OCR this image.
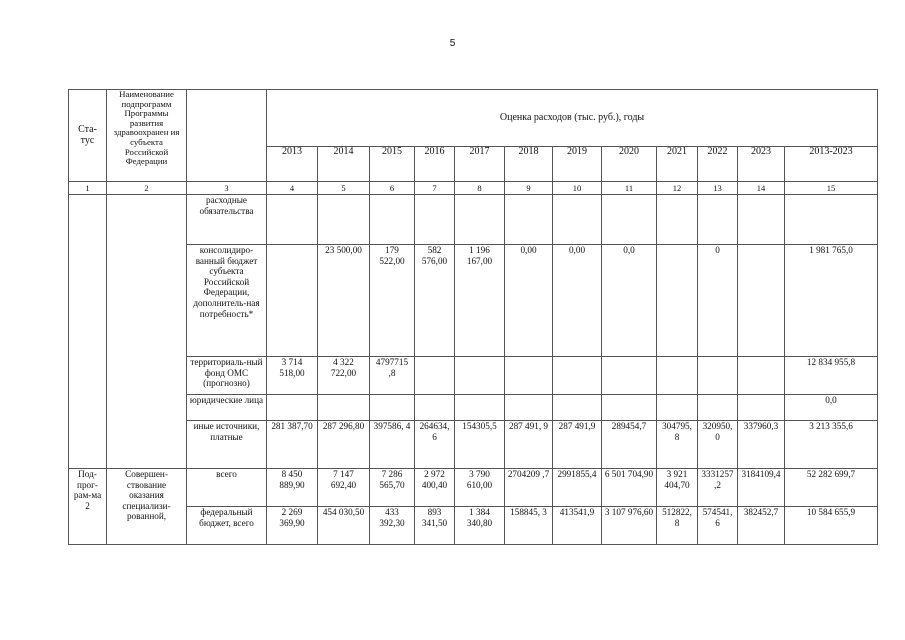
5
Ста-
тус	Наименование подпрограмм Программы развития здравоохранен ия субъекта Российской Федерации		Оценка расходов (тыс. руб.), годы											
			2013	2014	2015	2016	2017	2018	2019	2020	2021	2022	2023	2013-2023
1	2	3	4	5	6	7	8	9	10	11	12	13	14	15
		расходные обязательства												
		консолидиро-ванный бюджет субъекта Российской Федерации, дополнитель-ная потребность*		23 500,00	179 522,00	582 576,00	1 196 167,00	0,00	0,00	0,0		0		1 981 765,0
		территориаль-ный фонд ОМС (прогнозно)	3 714 518,00	4 322 722,00	4797715 ,8									12 834 955,8
		юридические лица												0,0
		иные источники, платные	281 387,70	287 296,80	397586, 4	264634, 6	154305,5	287 491, 9	287 491,9	289454,7	304795, 8	320950, 0	337960,3	3 213 355,6
Под-прог-рам-ма 2	Совершен-ствование оказания специализи-рованной,	всего	8 450 889,90	7 147 692,40	7 286 565,70	2 972 400,40	3 790 610,00	2704209 ,7	2991855,4	6 501 704,90	3 921 404,70	3331257 ,2	3184109,4	52 282 699,7
		федеральный бюджет, всего	2 269 369,90	454 030,50	433 392,30	893 341,50	1 384 340,80	158845, 3	413541,9	3 107 976,60	512822, 8	574541, 6	382452,7	10 584 655,9
